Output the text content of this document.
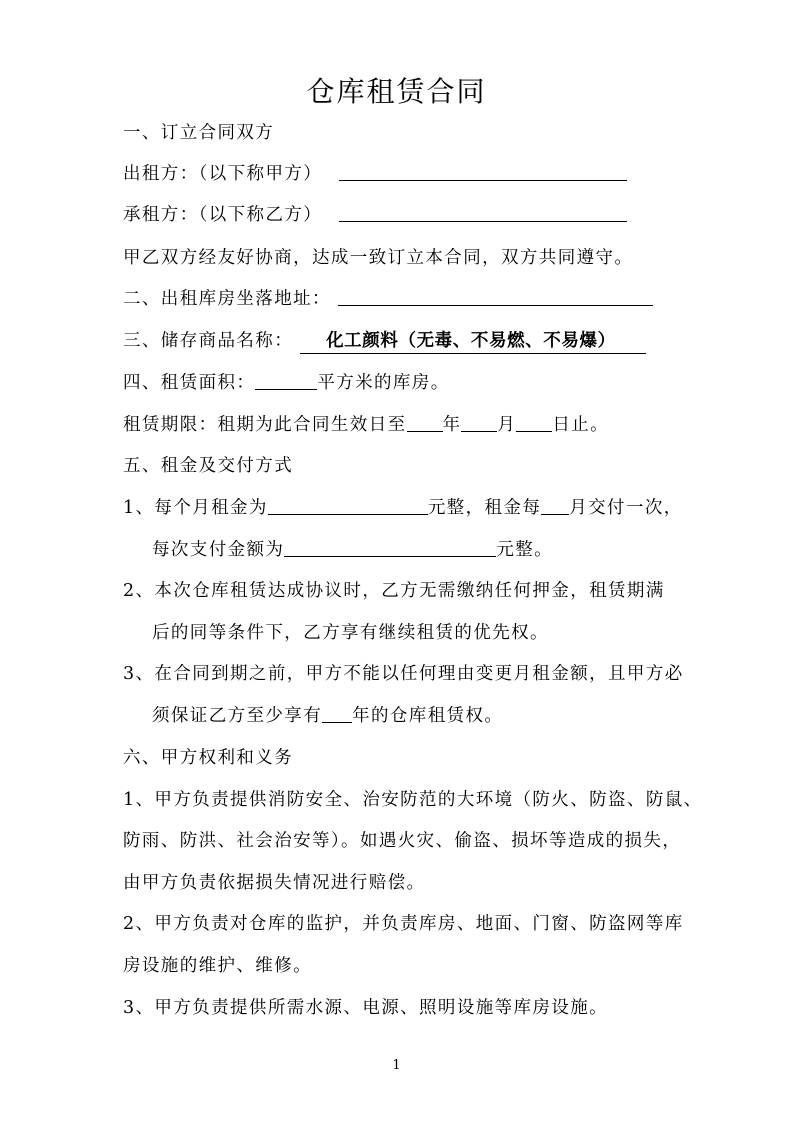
仓库租赁合同
一、订立合同双方
出租方：（以下称甲方）
承租方：（以下称乙方）
甲乙双方经友好协商，达成一致订立本合同，双方共同遵守。
二、出租库房坐落地址：
三、储存商品名称： 化工颜料（无毒、不易燃、不易爆）
四、租赁面积：	平方米的库房。
租赁期限：租期为此合同生效日至 年 月 日止。
五、租金及交付方式
1、每个月租金为	元整，租金每 月交付一次，
每次支付金额为	元整。
2、本次仓库租赁达成协议时，乙方无需缴纳任何押金，租赁期满
后的同等条件下，乙方享有继续租赁的优先权。
3、在合同到期之前，甲方不能以任何理由变更月租金额，且甲方必
须保证乙方至少享有 年的仓库租赁权。
六、甲方权利和义务
1、甲方负责提供消防安全、治安防范的大环境（防火、防盗、防鼠、
防雨、防洪、社会治安等）。如遇火灾、偷盗、损坏等造成的损失，
由甲方负责依据损失情况进行赔偿。
2、甲方负责对仓库的监护，并负责库房、地面、门窗、防盗网等库
房设施的维护、维修。
3、甲方负责提供所需水源、电源、照明设施等库房设施。
1
